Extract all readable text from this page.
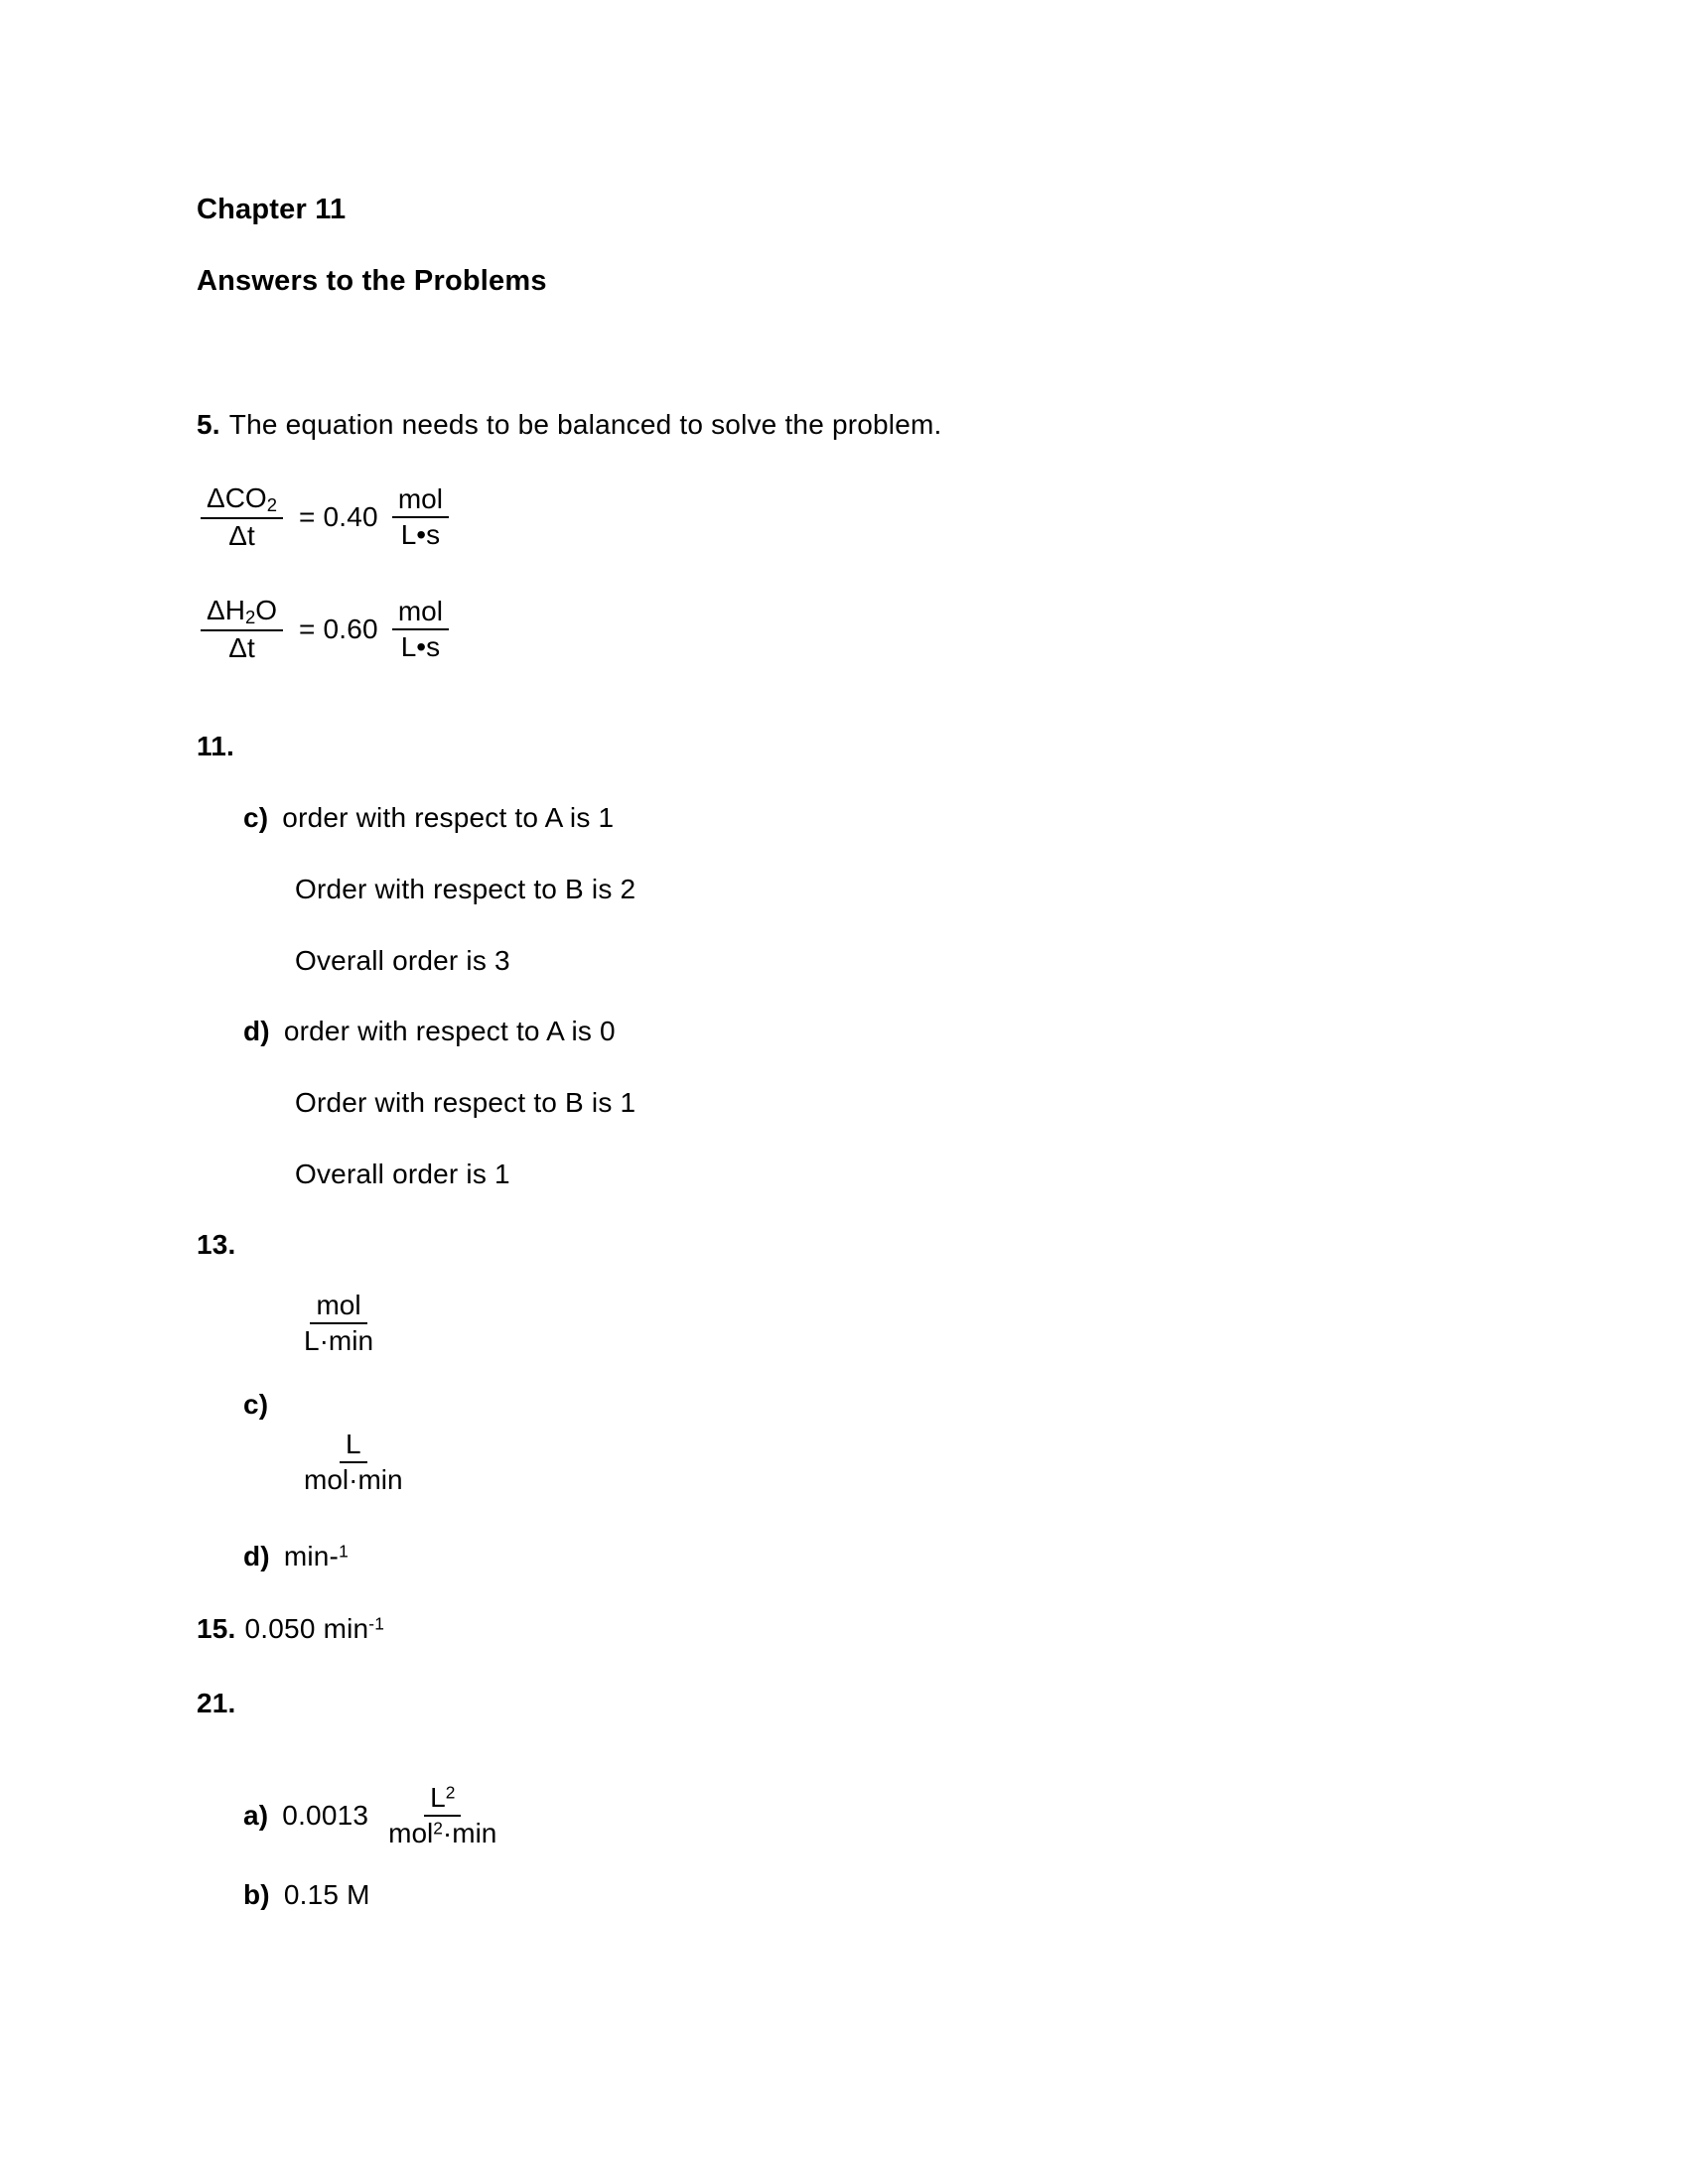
Chapter 11
Answers to the Problems
5. The equation needs to be balanced to solve the problem.
$\frac{\Delta CO_2}{\Delta t} = 0.40 \frac{\text{mol}}{L•s}$
$\frac{\Delta H_2O}{\Delta t} = 0.60 \frac{\text{mol}}{L•s}$
11.
c) order with respect to A is 1
Order with respect to B is 2
Overall order is 3
d) order with respect to A is 0
Order with respect to B is 1
Overall order is 1
13.
$\frac{\text{mol}}{L\cdot\min}$
c)
$\frac{L}{\text{mol·min}}$
d) min-$^1$
15. 0.050 $\min^{-1}$
21.
a) $0.0013 \frac{L^2}{mol^2\cdot\min}$
b) 0.15 M
